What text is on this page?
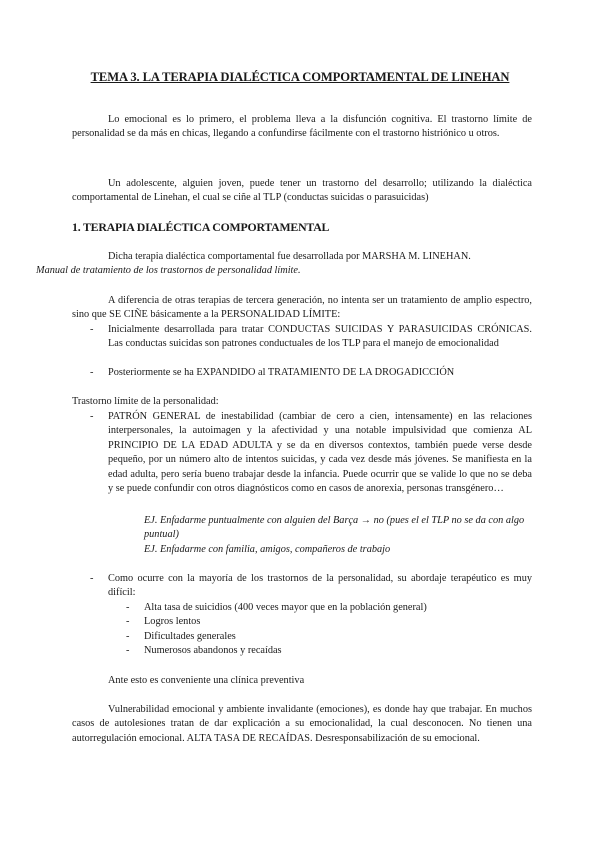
TEMA 3. LA TERAPIA DIALÉCTICA COMPORTAMENTAL DE LINEHAN
Lo emocional es lo primero, el problema lleva a la disfunción cognitiva. El trastorno límite de personalidad se da más en chicas, llegando a confundirse fácilmente con el trastorno histriónico u otros.
Un adolescente, alguien joven, puede tener un trastorno del desarrollo; utilizando la dialéctica comportamental de Linehan, el cual se ciñe al TLP (conductas suicidas o parasuicidas)
1. TERAPIA DIALÉCTICA COMPORTAMENTAL
Dicha terapia dialéctica comportamental fue desarrollada por MARSHA M. LINEHAN.
Manual de tratamiento de los trastornos de personalidad límite.
A diferencia de otras terapias de tercera generación, no intenta ser un tratamiento de amplio espectro, sino que SE CIÑE básicamente a la PERSONALIDAD LÍMITE:
- Inicialmente desarrollada para tratar CONDUCTAS SUICIDAS Y PARASUICIDAS CRÓNICAS. Las conductas suicidas son patrones conductuales de los TLP para el manejo de emocionalidad
- Posteriormente se ha EXPANDIDO al TRATAMIENTO DE LA DROGADICCIÓN
Trastorno límite de la personalidad:
- PATRÓN GENERAL de inestabilidad (cambiar de cero a cien, intensamente) en las relaciones interpersonales, la autoimagen y la afectividad y una notable impulsividad que comienza AL PRINCIPIO DE LA EDAD ADULTA y se da en diversos contextos, también puede verse desde pequeño, por un número alto de intentos suicidas, y cada vez desde más jóvenes. Se manifiesta en la edad adulta, pero sería bueno trabajar desde la infancia. Puede ocurrir que se valide lo que no se deba y se puede confundir con otros diagnósticos como en casos de anorexia, personas transgénero…
EJ. Enfadarme puntualmente con alguien del Barça → no (pues el el TLP no se da con algo puntual)
EJ. Enfadarme con familia, amigos, compañeros de trabajo
- Como ocurre con la mayoría de los trastornos de la personalidad, su abordaje terapéutico es muy difícil:
- Alta tasa de suicidios (400 veces mayor que en la población general)
- Logros lentos
- Dificultades generales
- Numerosos abandonos y recaídas
Ante esto es conveniente una clínica preventiva
Vulnerabilidad emocional y ambiente invalidante (emociones), es donde hay que trabajar. En muchos casos de autolesiones tratan de dar explicación a su emocionalidad, la cual desconocen. No tienen una autorregulación emocional. ALTA TASA DE RECAÍDAS. Desresponsabilización de su emocional.
